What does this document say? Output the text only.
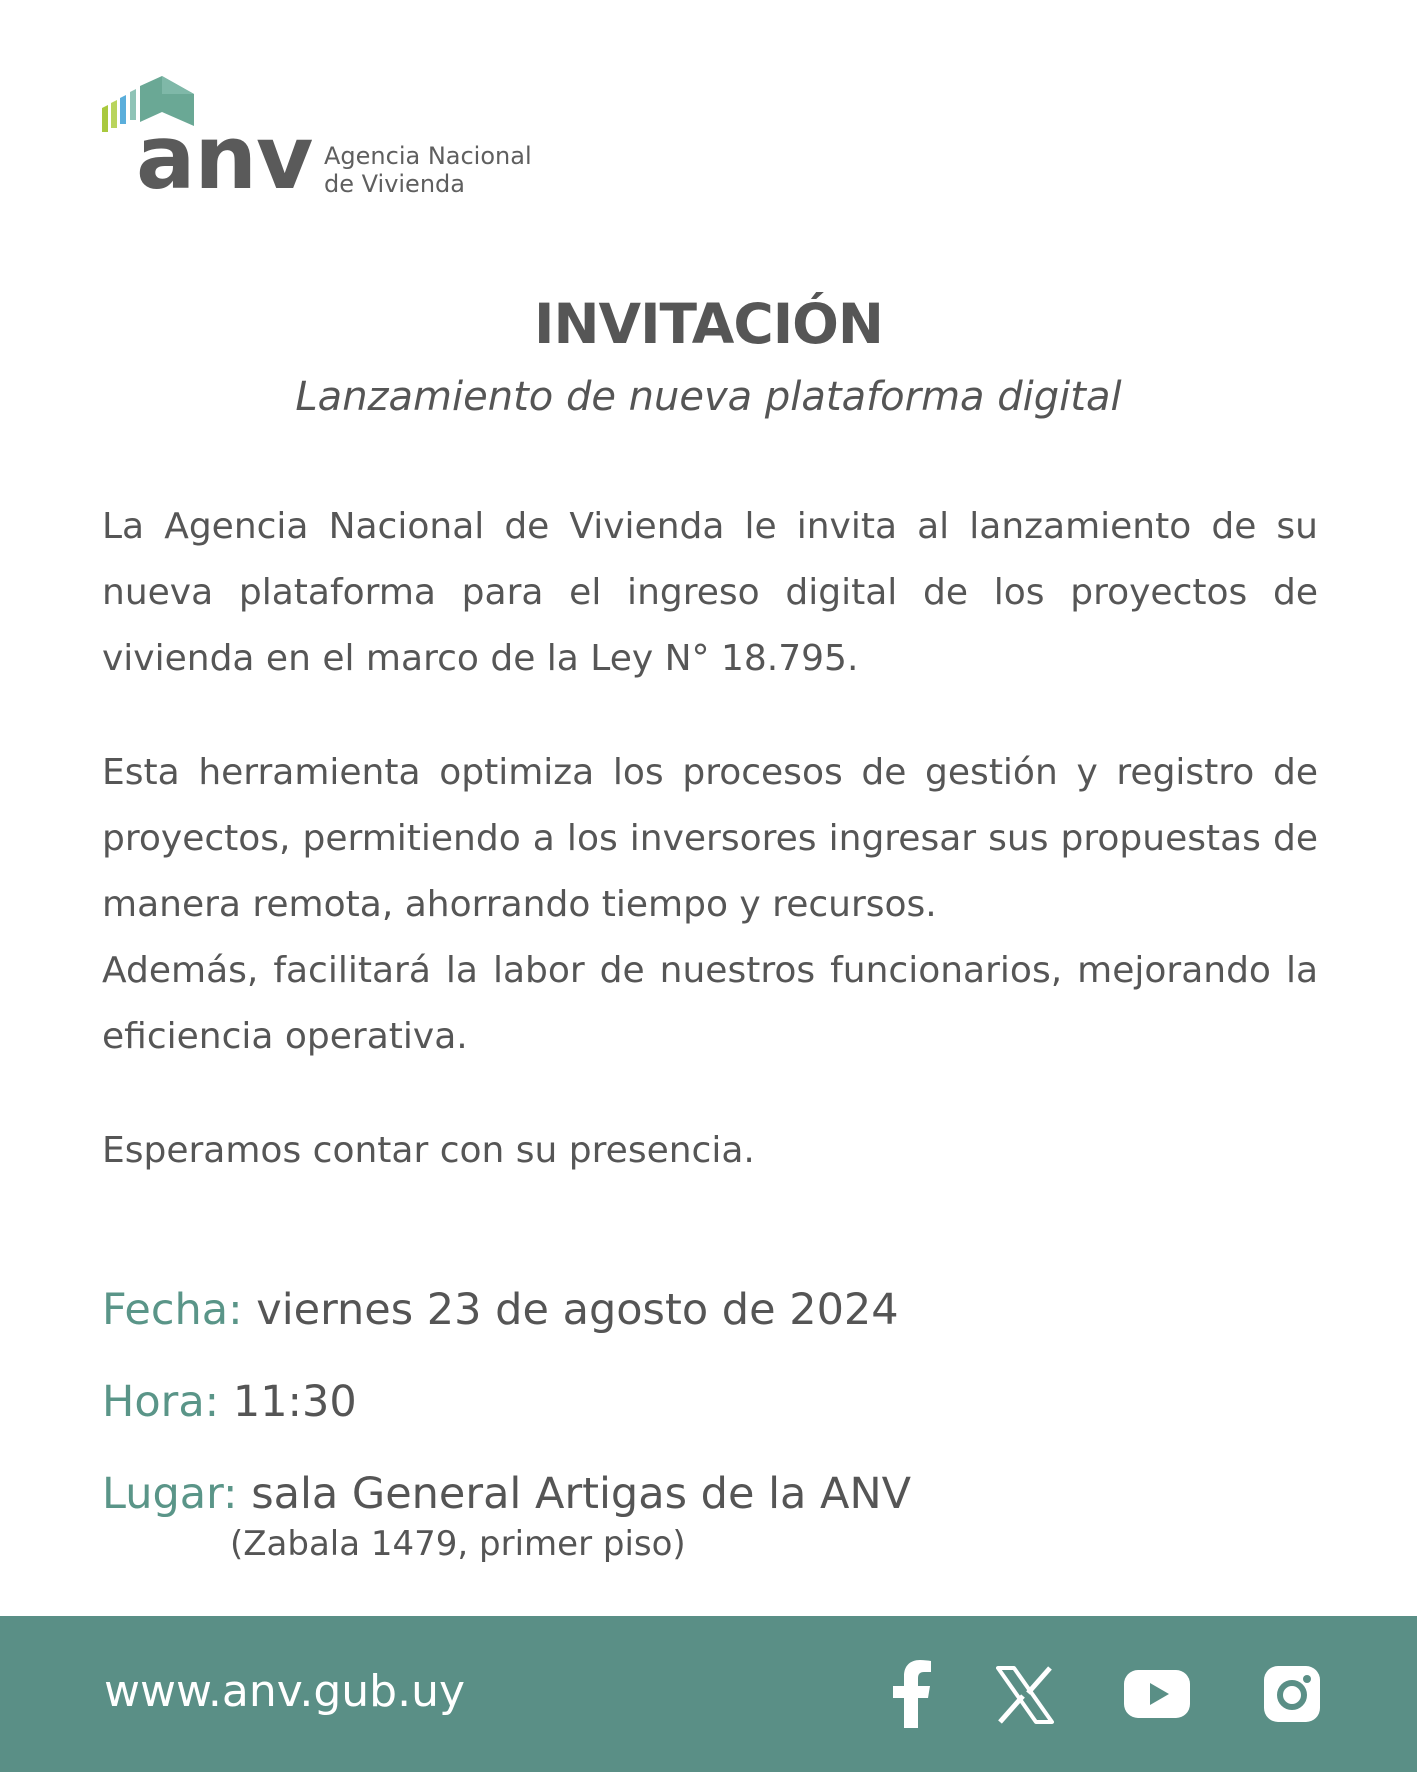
anv Agencia Nacional
de Vivienda
INVITACIÓN
Lanzamiento de nueva plataforma digital

La Agencia Nacional de Vivienda le invita al lanzamiento de su nueva plataforma para el ingreso digital de los proyectos de vivienda en el marco de la Ley N° 18.795.

Esta herramienta optimiza los procesos de gestión y registro de proyectos, permitiendo a los inversores ingresar sus propuestas de manera remota, ahorrando tiempo y recursos.

Además, facilitará la labor de nuestros funcionarios, mejorando la eficiencia operativa.

Esperamos contar con su presencia.

Fecha: viernes 23 de agosto de 2024
Hora: 11:30
Lugar: sala General Artigas de la ANV
(Zabala 1479, primer piso)
www.anv.gub.uy
